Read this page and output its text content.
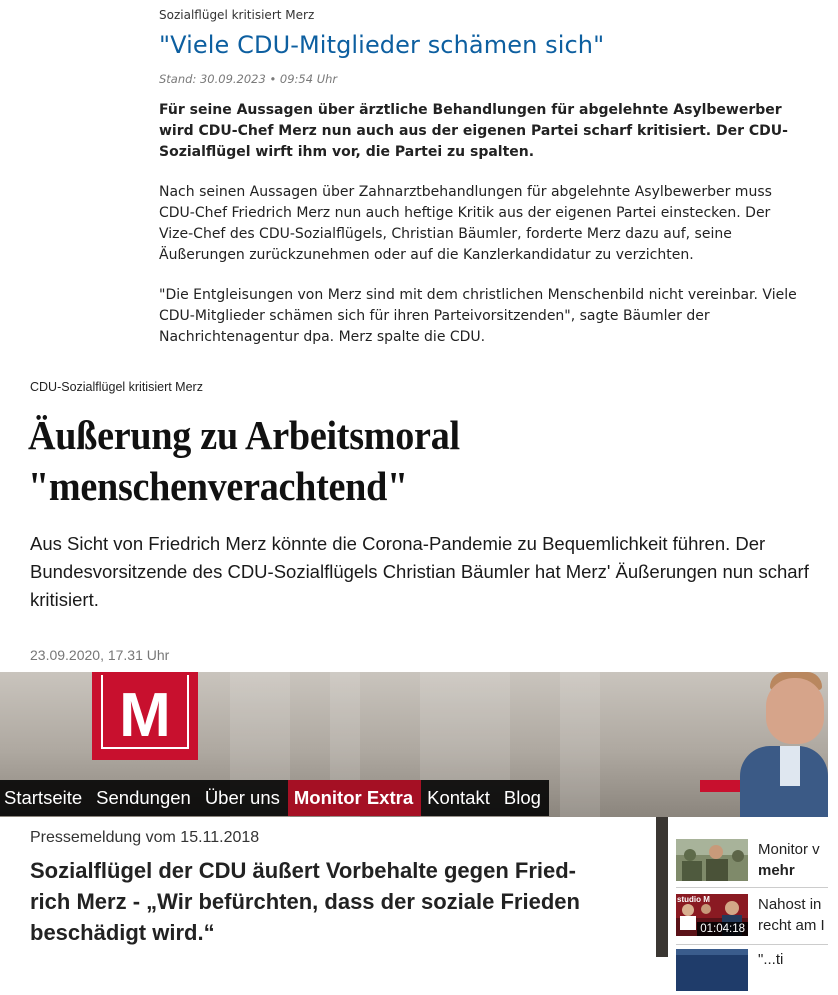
Sozialflügel kritisiert Merz
"Viele CDU-Mitglieder schämen sich"
Stand: 30.09.2023 • 09:54 Uhr
Für seine Aussagen über ärztliche Behandlungen für abgelehnte Asylbewerber wird CDU-Chef Merz nun auch aus der eigenen Partei scharf kritisiert. Der CDU-Sozialflügel wirft ihm vor, die Partei zu spalten.
Nach seinen Aussagen über Zahnarztbehandlungen für abgelehnte Asylbewerber muss CDU-Chef Friedrich Merz nun auch heftige Kritik aus der eigenen Partei einstecken. Der Vize-Chef des CDU-Sozialflügels, Christian Bäumler, forderte Merz dazu auf, seine Äußerungen zurückzunehmen oder auf die Kanzlerkandidatur zu verzichten.
"Die Entgleisungen von Merz sind mit dem christlichen Menschenbild nicht vereinbar. Viele CDU-Mitglieder schämen sich für ihren Parteivorsitzenden", sagte Bäumler der Nachrichtenagentur dpa. Merz spalte die CDU.
CDU-Sozialflügel kritisiert Merz
Äußerung zu Arbeitsmoral
"menschenverachtend"
Aus Sicht von Friedrich Merz könnte die Corona-Pandemie zu Bequemlichkeit führen. Der Bundesvorsitzende des CDU-Sozialflügels Christian Bäumler hat Merz' Äußerungen nun scharf kritisiert.
23.09.2020, 17.31 Uhr
M
Startseite Sendungen Über uns Monitor Extra Kontakt Blog
Pressemeldung vom 15.11.2018
Sozialflügel der CDU äußert Vorbehalte gegen Fried-
rich Merz - „Wir befürchten, dass der soziale Frieden
beschädigt wird.“
Monitor v
mehr
studio M
01:04:18
Nahost in
recht am I
"...ti
